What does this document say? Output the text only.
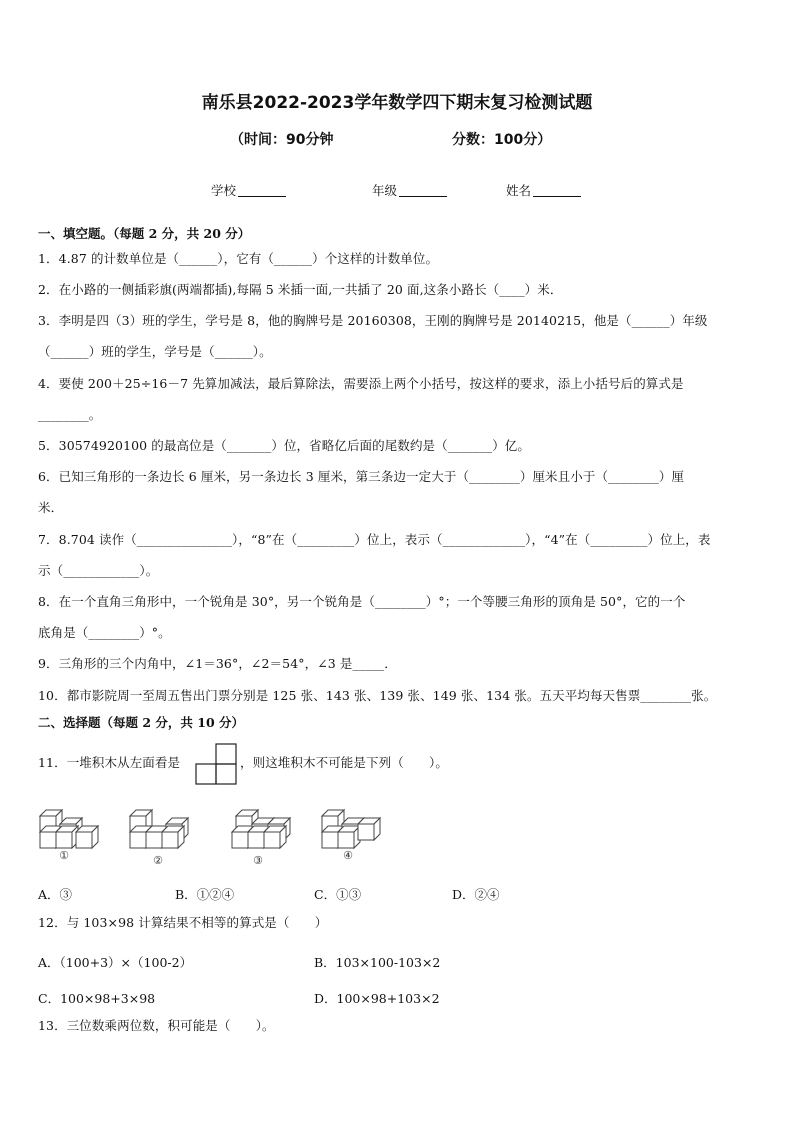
南乐县2022-2023学年数学四下期末复习检测试题
（时间：90分钟	分数：100分）
学校	年级	姓名
一、填空题。（每题 2 分，共 20 分）
1．4.87 的计数单位是（______），它有（______）个这样的计数单位。
2．在小路的一侧插彩旗(两端都插),每隔 5 米插一面,一共插了 20 面,这条小路长（____）米．
3．李明是四（3）班的学生，学号是 8，他的胸牌号是 20160308，王刚的胸牌号是 20140215，他是（______）年级
（______）班的学生，学号是（______）。
4．要使 200＋25÷16－7 先算加减法，最后算除法，需要添上两个小括号，按这样的要求，添上小括号后的算式是
________。
5．30574920100 的最高位是（_______）位，省略亿后面的尾数约是（_______）亿。
6．已知三角形的一条边长 6 厘米，另一条边长 3 厘米，第三条边一定大于（________）厘米且小于（________）厘
米．
7．8.704 读作（_______________），“8”在（_________）位上，表示（_____________），“4”在（_________）位上，表
示（____________）。
8．在一个直角三角形中，一个锐角是 30°，另一个锐角是（________）°；一个等腰三角形的顶角是 50°，它的一个
底角是（________）°。
9．三角形的三个内角中，∠1＝36°，∠2＝54°，∠3 是_____．
10．都市影院周一至周五售出门票分别是 125 张、143 张、139 张、149 张、134 张。五天平均每天售票________张。
二、选择题（每题 2 分，共 10 分）
11．一堆积木从左面看是	，则这堆积木不可能是下列（　　）。
①	②	③	④
A．③	B．①②④	C．①③	D．②④
12．与 103×98 计算结果不相等的算式是（　　）
A．（100+3）×（100-2）	B．103×100-103×2
C．100×98+3×98	D．100×98+103×2
13．三位数乘两位数，积可能是（　　）。
